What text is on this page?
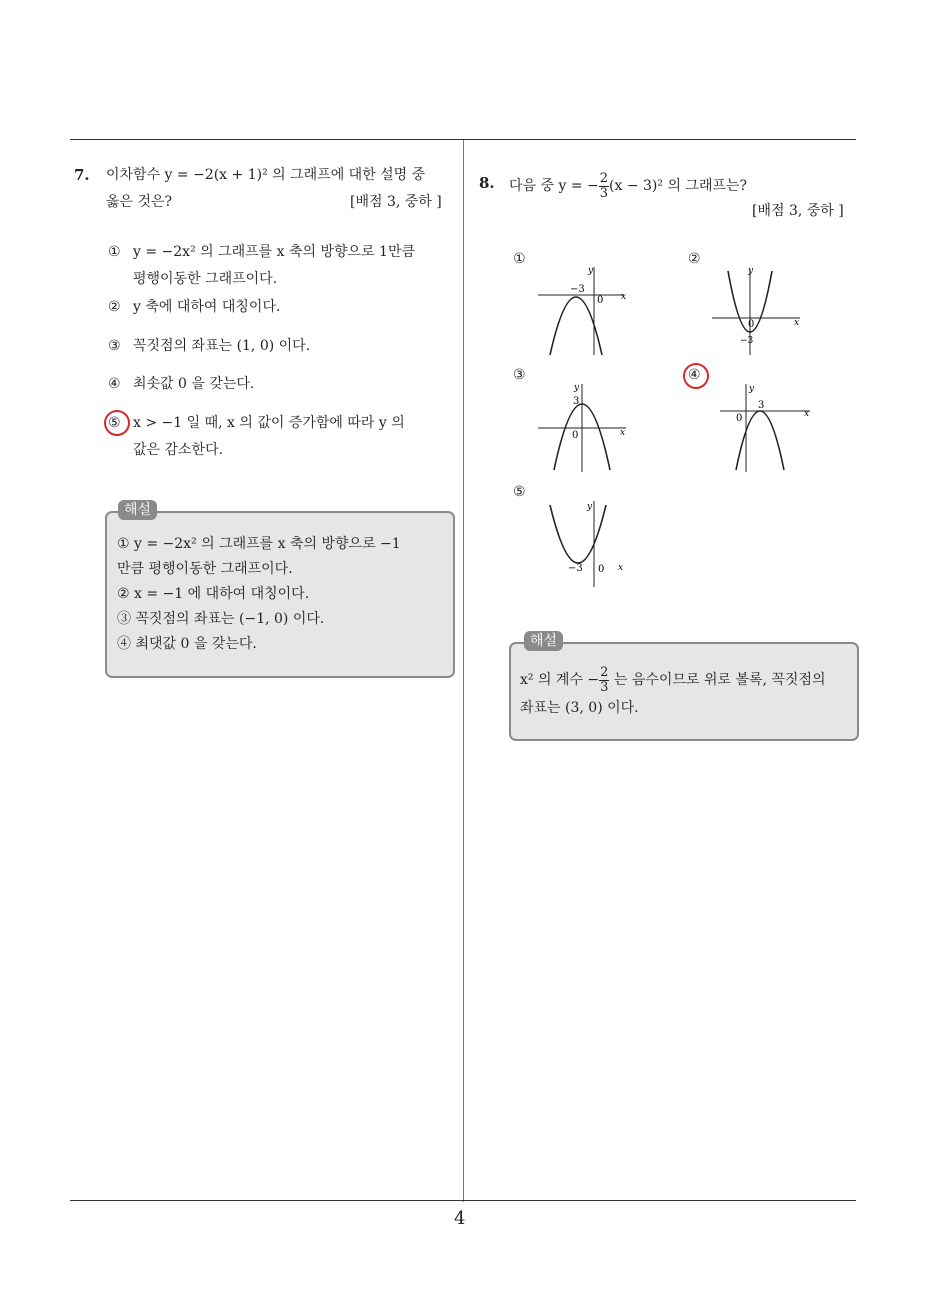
4
7. 이차함수 y = −2(x + 1)² 의 그래프에 대한 설명 중
옳은 것은?	[배점 3, 중하 ]
① y = −2x² 의 그래프를 x 축의 방향으로 1만큼
평행이동한 그래프이다.
② y 축에 대하여 대칭이다.
③ 꼭짓점의 좌표는 (1, 0) 이다.
④ 최솟값 0 을 갖는다.
⑤ x > −1 일 때, x 의 값이 증가함에 따라 y 의
값은 감소한다.
해설
① y = −2x² 의 그래프를 x 축의 방향으로 −1
만큼 평행이동한 그래프이다.
② x = −1 에 대하여 대칭이다.
③ 꼭짓점의 좌표는 (−1, 0) 이다.
④ 최댓값 0 을 갖는다.
8. 다음 중 y = − $\frac{2}{3} (x - 3)^2$ 의 그래프는?
[배점 3, 중하 ]
①	②
③	④
⑤
−3
0 x
y
0
−3
x
y
3
0	x
y
3
0	x
y
−3 0 x
y
해설
x² 의 계수 − $\frac{2}{3}$ 는 음수이므로 위로 볼록, 꼭짓점의
좌표는 (3, 0) 이다.
